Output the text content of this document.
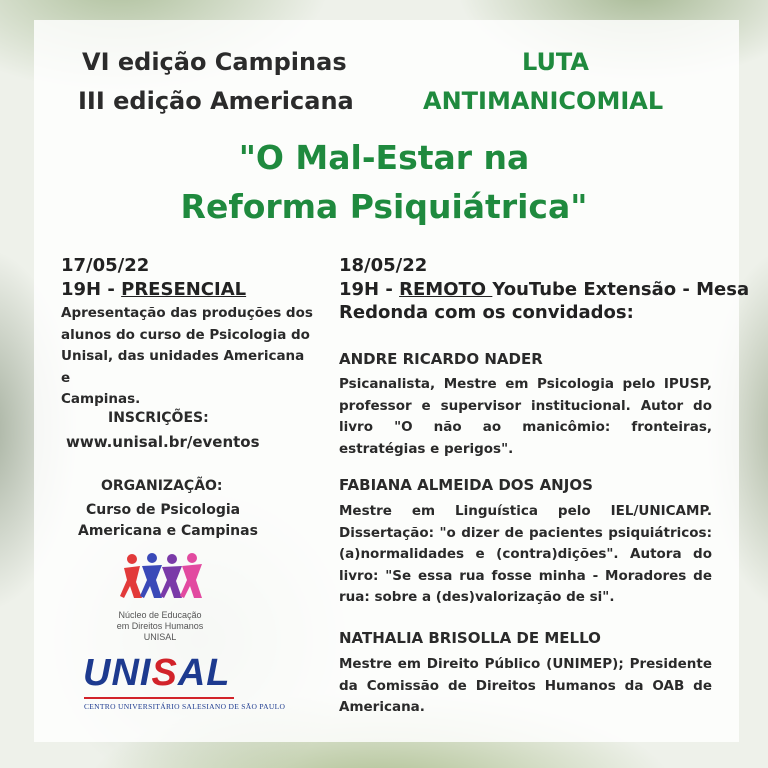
VI edição Campinas
III edição Americana
LUTA
ANTIMANICOMIAL
"O Mal-Estar na
Reforma Psiquiátrica"
17/05/22
19H - PRESENCIAL
Apresentação das produções dos
alunos do curso de Psicologia do
Unisal, das unidades Americana e
Campinas.
INSCRIÇÕES:
www.unisal.br/eventos
ORGANIZAÇÃO:
Curso de Psicologia
Americana e Campinas
Núcleo de Educação
em Direitos Humanos
UNISAL
UNISAL
CENTRO UNIVERSITÁRIO SALESIANO DE SÃO PAULO
18/05/22
19H - REMOTO YouTube Extensão - Mesa
Redonda com os convidados:
ANDRE RICARDO NADER
Psicanalista, Mestre em Psicologia pelo IPUSP, professor e supervisor institucional. Autor do livro "O não ao manicômio: fronteiras, estratégias e perigos".
FABIANA ALMEIDA DOS ANJOS
Mestre em Linguística pelo IEL/UNICAMP. Dissertação: "o dizer de pacientes psiquiátricos: (a)normalidades e (contra)dições". Autora do livro: "Se essa rua fosse minha - Moradores de rua: sobre a (des)valorização de si".
NATHALIA BRISOLLA DE MELLO
Mestre em Direito Público (UNIMEP); Presidente da Comissão de Direitos Humanos da OAB de Americana.
